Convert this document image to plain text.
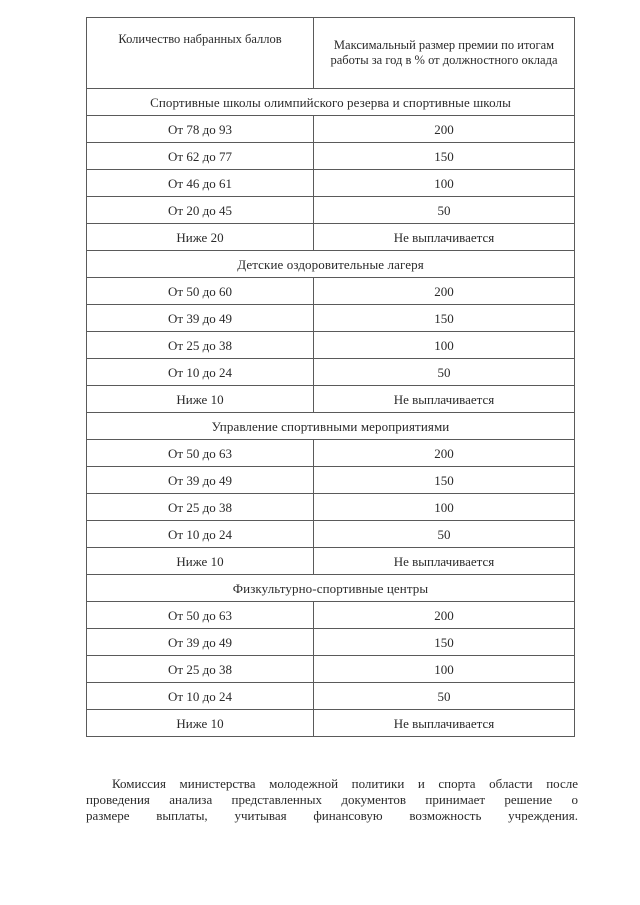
Количество набранных баллов	Максимальный размер премии по итогам работы за год в % от должностного оклада
Спортивные школы олимпийского резерва и спортивные школы	
От 78 до 93	200
От 62 до 77	150
От 46 до 61	100
От 20 до 45	50
Ниже 20	Не выплачивается
Детские оздоровительные лагеря	
От 50 до 60	200
От 39 до 49	150
От 25 до 38	100
От 10 до 24	50
Ниже 10	Не выплачивается
Управление спортивными мероприятиями	
От 50 до 63	200
От 39 до 49	150
От 25 до 38	100
От 10 до 24	50
Ниже 10	Не выплачивается
Физкультурно-спортивные центры	
От 50 до 63	200
От 39 до 49	150
От 25 до 38	100
От 10 до 24	50
Ниже 10	Не выплачивается

Комиссия министерства молодежной политики и спорта области после
проведения анализа представленных документов принимает решение о
размере выплаты, учитывая финансовую возможность учреждения.
